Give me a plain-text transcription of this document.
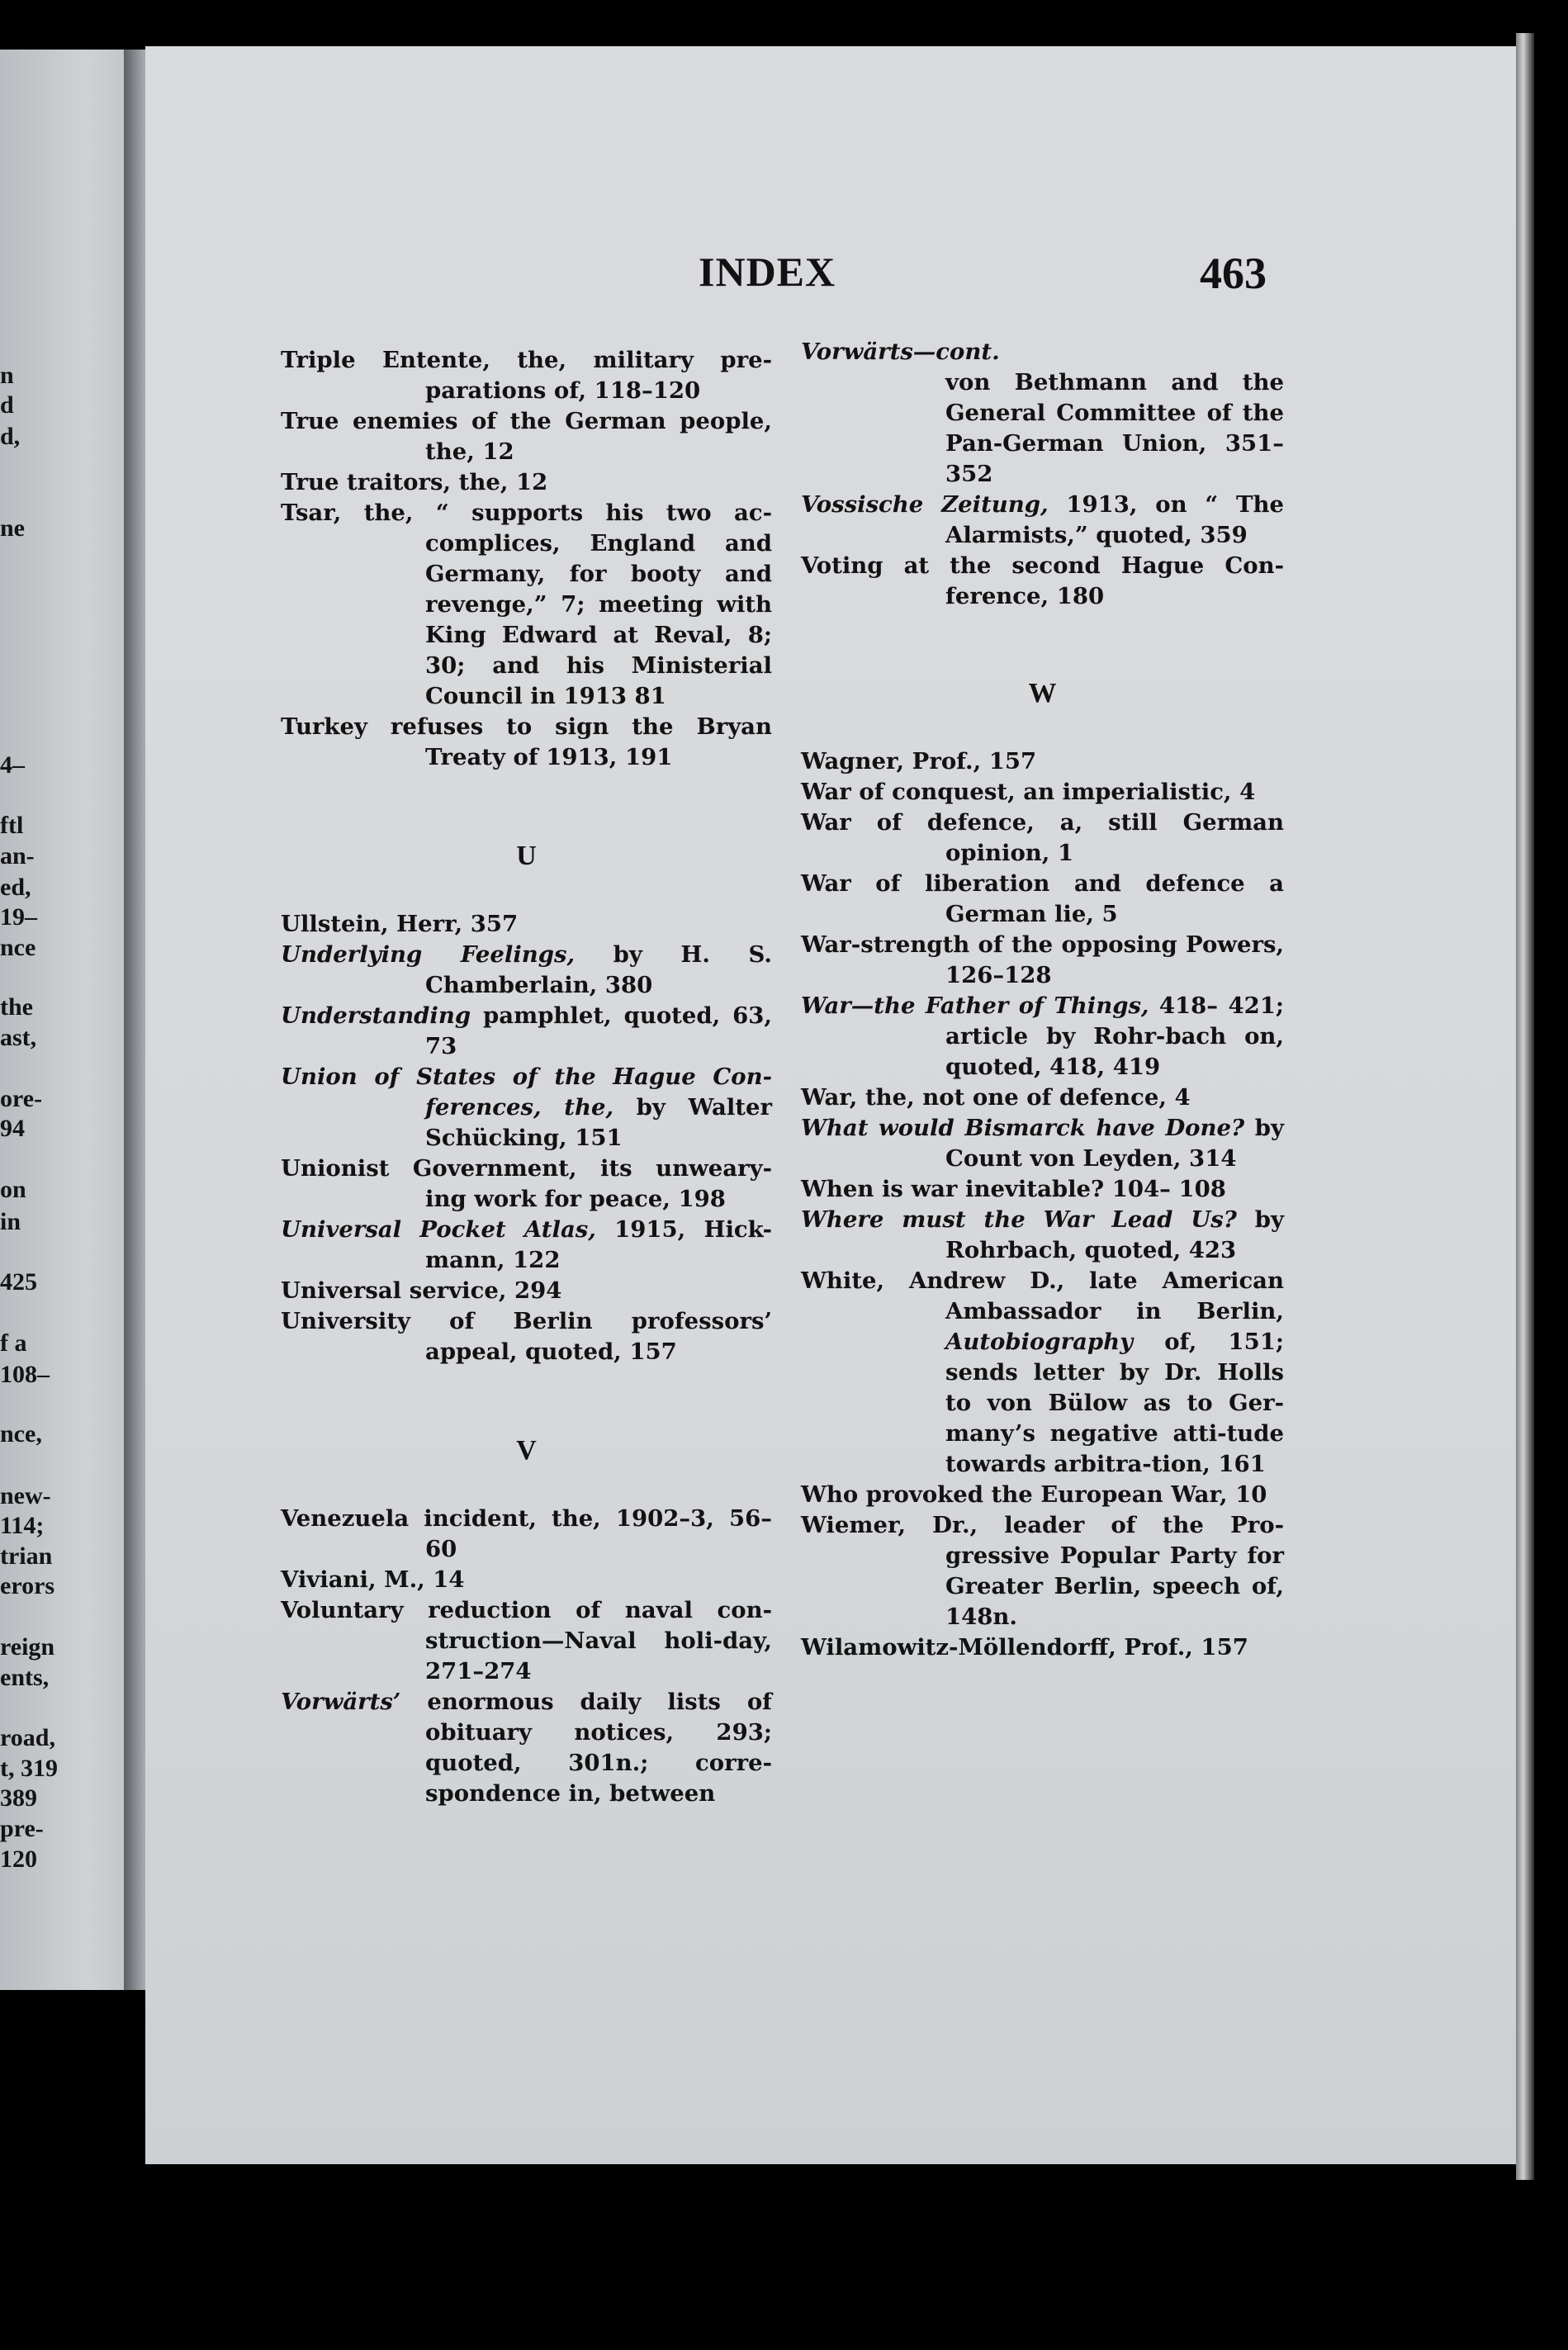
n
d
d,
ne
4–
ftl
an-
ed,
19–
nce
the
ast,
ore-
94
on
in
425
f a
108–
nce,
new-
114;
trian
erors
reign
ents,
road,
t, 319
389
pre-
120
INDEX	463

Triple Entente, the, military pre- parations of, 118–120

True enemies of the German people, the, 12

True traitors, the, 12

Tsar, the, “ supports his two ac- complices, England and Germany, for booty and revenge,” 7; meeting with King Edward at Reval, 8; 30; and his Ministerial Council in 1913 81

Turkey refuses to sign the Bryan Treaty of 1913, 191

U

Ullstein, Herr, 357

Underlying Feelings, by H. S. Chamberlain, 380

Understanding pamphlet, quoted, 63, 73

Union of States of the Hague Con- ferences, the, by Walter Schücking, 151

Unionist Government, its unweary- ing work for peace, 198

Universal Pocket Atlas, 1915, Hick- mann, 122

Universal service, 294

University of Berlin professors’ appeal, quoted, 157

V

Venezuela incident, the, 1902–3, 56–60

Viviani, M., 14

Voluntary reduction of naval con- struction—Naval holi-day, 271–274

Vorwärts’ enormous daily lists of obituary notices, 293; quoted, 301n.; corre-spondence in, between

Vorwärts—cont.

von Bethmann and the General Committee of the Pan-German Union, 351–352

Vossische Zeitung, 1913, on “ The Alarmists,” quoted, 359

Voting at the second Hague Con- ference, 180

W

Wagner, Prof., 157

War of conquest, an imperialistic, 4

War of defence, a, still German opinion, 1

War of liberation and defence a German lie, 5

War-strength of the opposing Powers, 126–128

War—the Father of Things, 418– 421; article by Rohr-bach on, quoted, 418, 419

War, the, not one of defence, 4

What would Bismarck have Done? by Count von Leyden, 314

When is war inevitable? 104– 108

Where must the War Lead Us? by Rohrbach, quoted, 423

White, Andrew D., late American Ambassador in Berlin, Autobiography of, 151; sends letter by Dr. Holls to von Bülow as to Ger-many’s negative atti-tude towards arbitra-tion, 161

Who provoked the European War, 10

Wiemer, Dr., leader of the Pro- gressive Popular Party for Greater Berlin, speech of, 148n.

Wilamowitz-Möllendorff, Prof., 157
